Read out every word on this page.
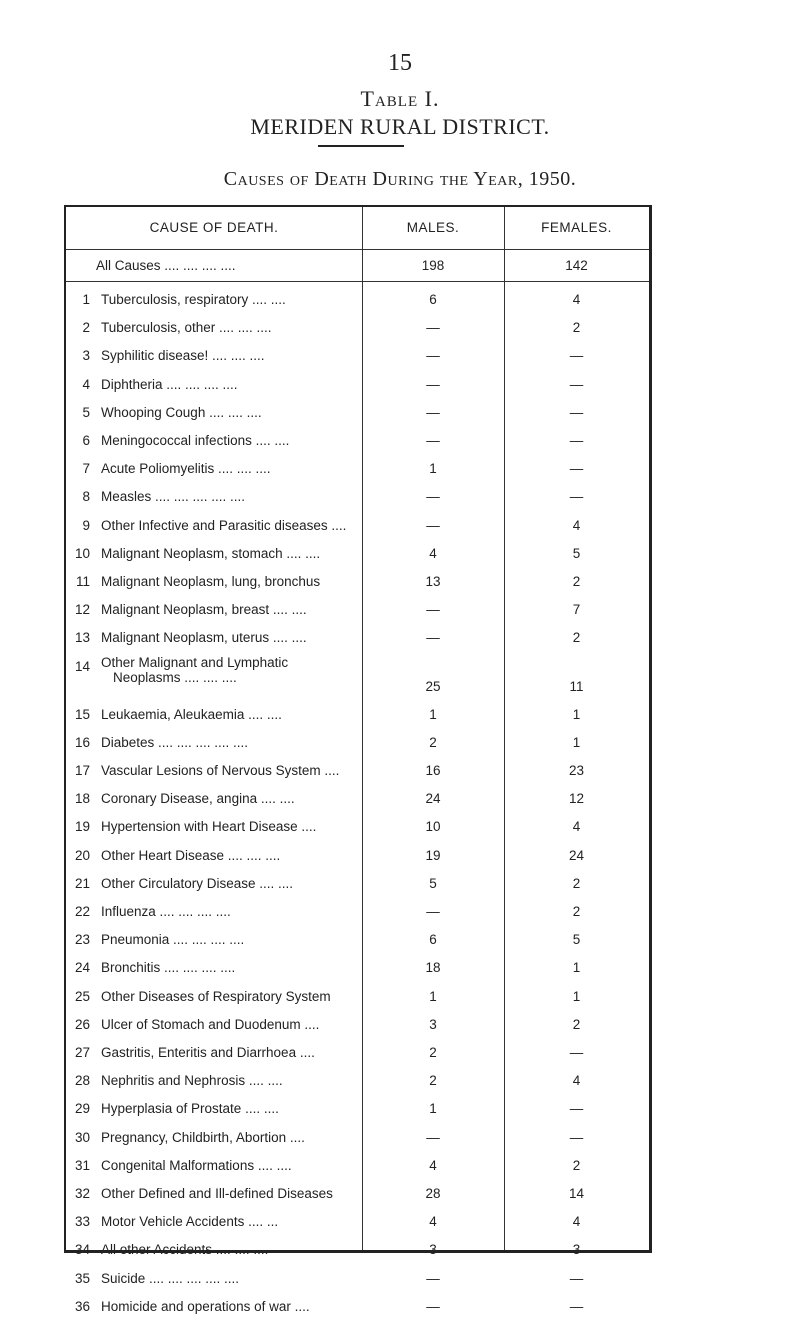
15
Table I.
MERIDEN RURAL DISTRICT.
Causes of Death During the Year, 1950.
CAUSE OF DEATH.	MALES.	FEMALES.
All Causes .... .... .... ....	198	142
1 Tuberculosis, respiratory .... ....	6	4
2 Tuberculosis, other .... .... ....	—	2
3 Syphilitic disease! .... .... ....	—	—
4 Diphtheria .... .... .... ....	—	—
5 Whooping Cough .... .... ....	—	—
6 Meningococcal infections .... ....	—	—
7 Acute Poliomyelitis .... .... ....	1	—
8 Measles .... .... .... .... ....	—	—
9 Other Infective and Parasitic diseases ....	—	4
10 Malignant Neoplasm, stomach .... ....	4	5
11 Malignant Neoplasm, lung, bronchus	13	2
12 Malignant Neoplasm, breast .... ....	—	7
13 Malignant Neoplasm, uterus .... ....	—	2
14 Other Malignant and Lymphatic
Neoplasms .... .... ....
25	11
15 Leukaemia, Aleukaemia .... ....	1	1
16 Diabetes .... .... .... .... ....	2	1
17 Vascular Lesions of Nervous System ....	16	23
18 Coronary Disease, angina .... ....	24	12
19 Hypertension with Heart Disease ....	10	4
20 Other Heart Disease .... .... ....	19	24
21 Other Circulatory Disease .... ....	5	2
22 Influenza .... .... .... ....	—	2
23 Pneumonia .... .... .... ....	6	5
24 Bronchitis .... .... .... ....	18	1
25 Other Diseases of Respiratory System	1	1
26 Ulcer of Stomach and Duodenum ....	3	2
27 Gastritis, Enteritis and Diarrhoea ....	2	—
28 Nephritis and Nephrosis .... ....	2	4
29 Hyperplasia of Prostate .... ....	1	—
30 Pregnancy, Childbirth, Abortion ....	—	—
31 Congenital Malformations .... ....	4	2
32 Other Defined and Ill-defined Diseases	28	14
33 Motor Vehicle Accidents .... ...	4	4
34 All other Accidents .... .... ....	3	3
35 Suicide .... .... .... .... ....	—	—
36 Homicide and operations of war ....	—	—
